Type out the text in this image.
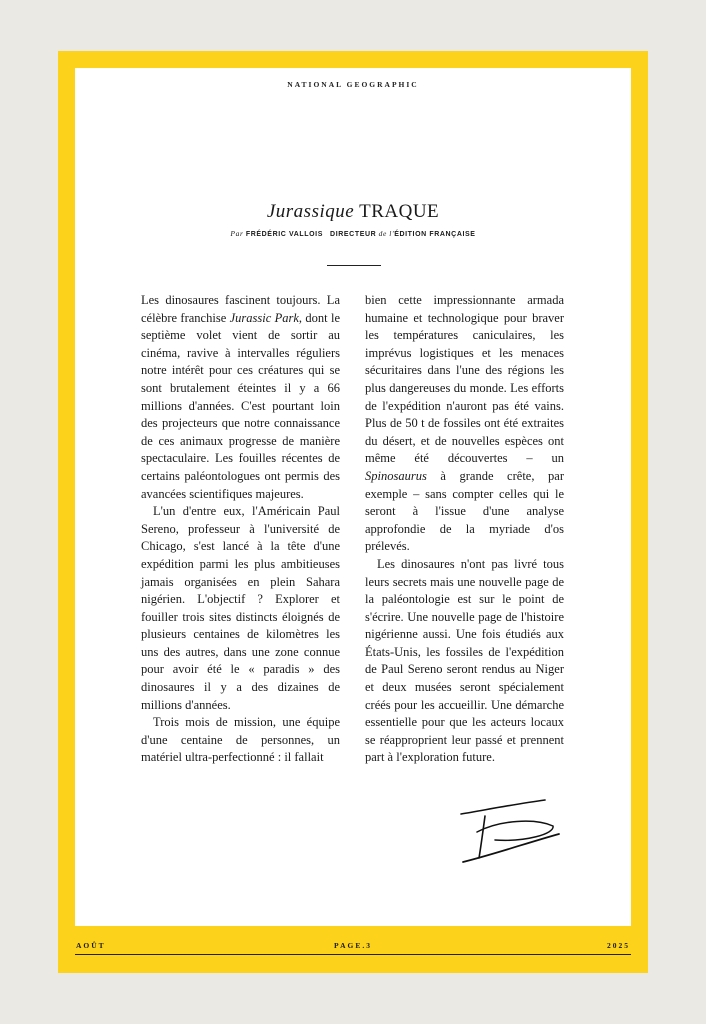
NATIONAL GEOGRAPHIC
Jurassique TRAQUE
Par FRÉDÉRIC VALLOIS DIRECTEUR de l'ÉDITION FRANÇAISE

Les dinosaures fascinent toujours. La célèbre franchise Jurassic Park, dont le septième volet vient de sortir au cinéma, ravive à intervalles réguliers notre intérêt pour ces créatures qui se sont brutalement éteintes il y a 66 millions d'années. C'est pourtant loin des projecteurs que notre connaissance de ces animaux progresse de manière spectaculaire. Les fouilles récentes de certains paléontologues ont permis des avancées scientifiques majeures.

L'un d'entre eux, l'Américain Paul Sereno, professeur à l'université de Chicago, s'est lancé à la tête d'une expédition parmi les plus ambitieuses jamais organisées en plein Sahara nigérien. L'objectif ? Explorer et fouiller trois sites distincts éloignés de plusieurs centaines de kilomètres les uns des autres, dans une zone connue pour avoir été le « paradis » des dinosaures il y a des dizaines de millions d'années.

Trois mois de mission, une équipe d'une centaine de personnes, un matériel ultra-perfectionné : il fallait

bien cette impressionnante armada humaine et technologique pour braver les températures caniculaires, les imprévus logistiques et les menaces sécuritaires dans l'une des régions les plus dangereuses du monde. Les efforts de l'expédition n'auront pas été vains. Plus de 50 t de fossiles ont été extraites du désert, et de nouvelles espèces ont même été découvertes – un Spinosaurus à grande crête, par exemple – sans compter celles qui le seront à l'issue d'une analyse approfondie de la myriade d'os prélevés.

Les dinosaures n'ont pas livré tous leurs secrets mais une nouvelle page de la paléontologie est sur le point de s'écrire. Une nouvelle page de l'histoire nigérienne aussi. Une fois étudiés aux États-Unis, les fossiles de l'expédition de Paul Sereno seront rendus au Niger et deux musées seront spécialement créés pour les accueillir. Une démarche essentielle pour que les acteurs locaux se réapproprient leur passé et prennent part à l'exploration future.

AOÛT	PAGE.3	2025
